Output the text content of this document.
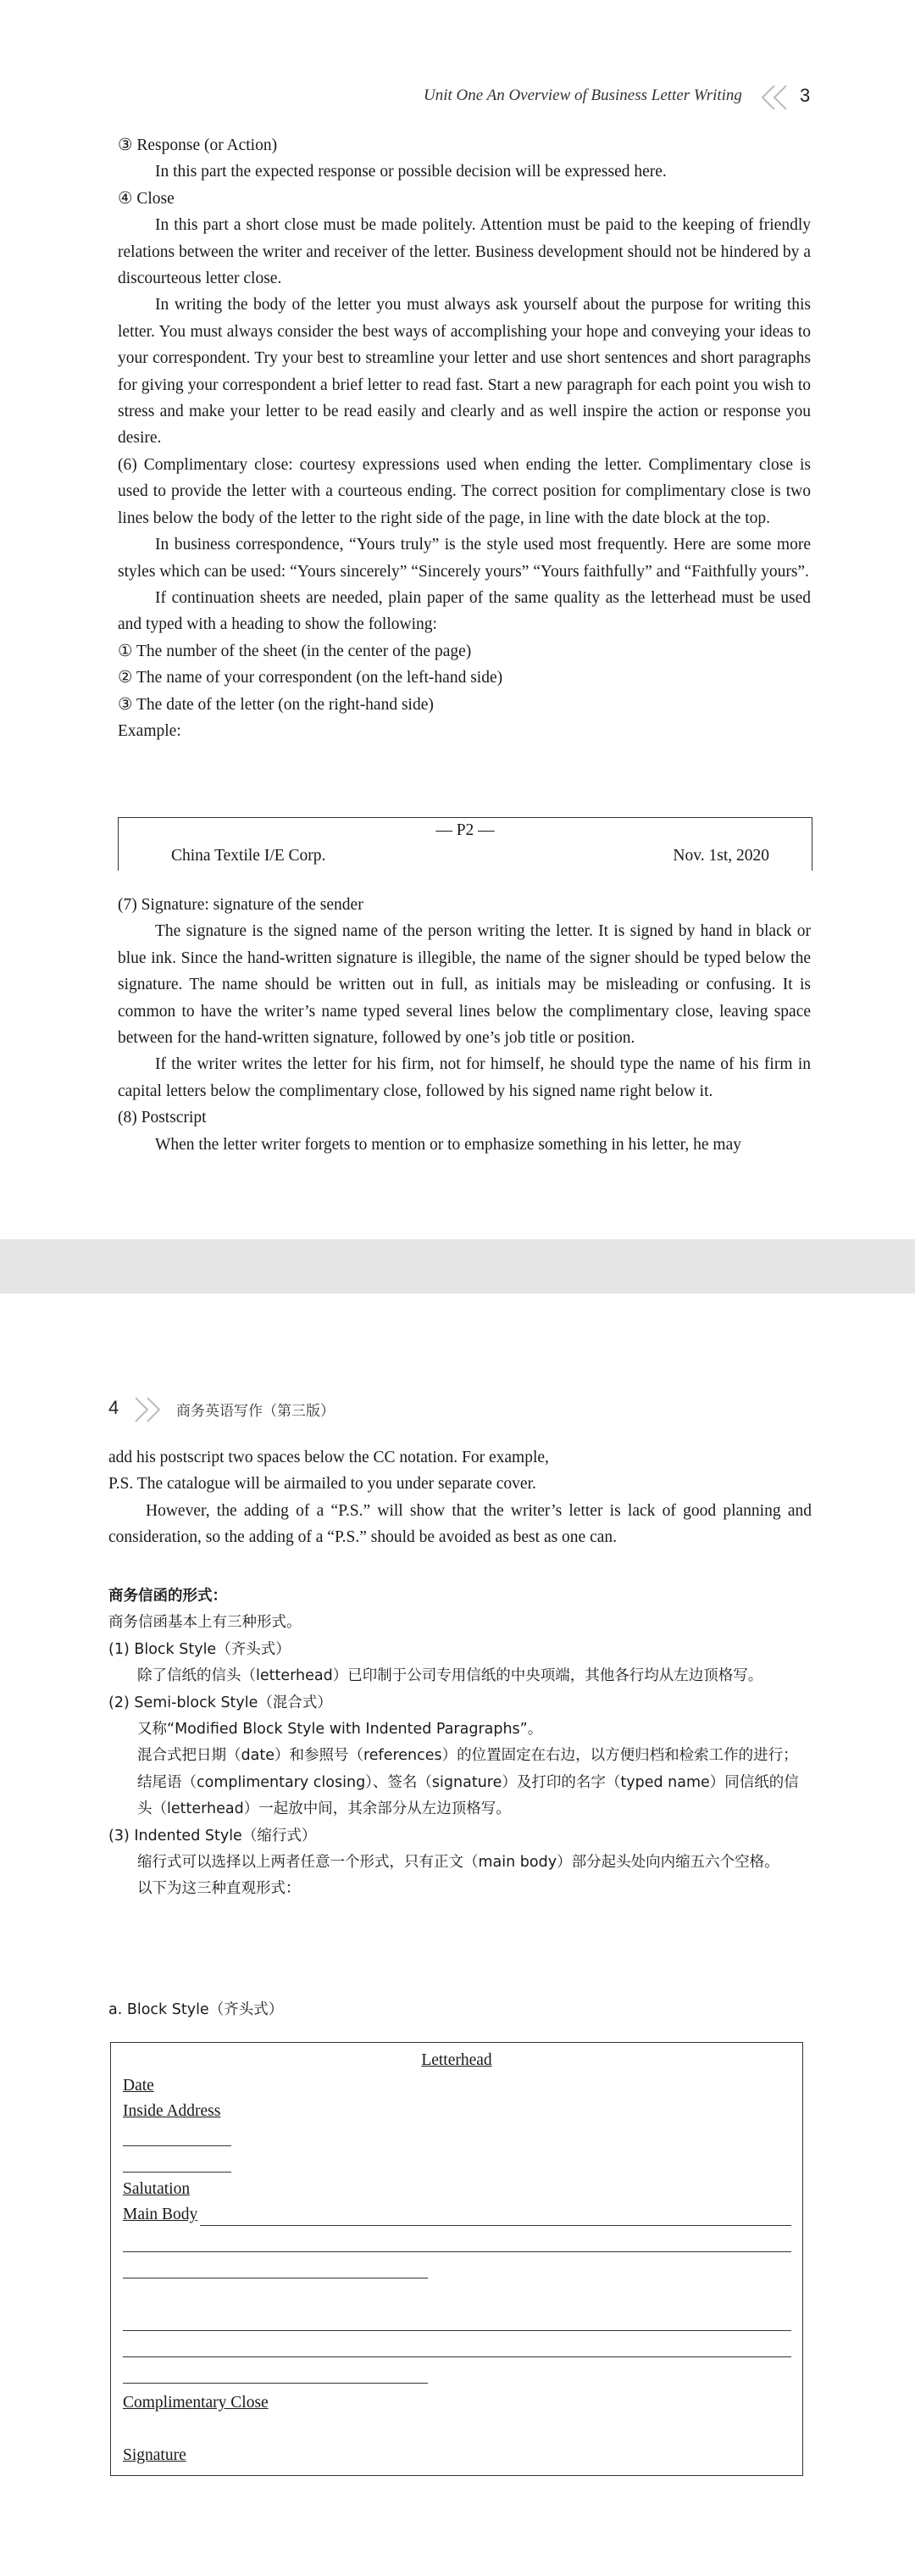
Unit One An Overview of Business Letter Writing	3

③ Response (or Action)

In this part the expected response or possible decision will be expressed here.

④ Close

In this part a short close must be made politely. Attention must be paid to the keeping of friendly relations between the writer and receiver of the letter. Business development should not be hindered by a discourteous letter close.

In writing the body of the letter you must always ask yourself about the purpose for writing this letter. You must always consider the best ways of accomplishing your hope and conveying your ideas to your correspondent. Try your best to streamline your letter and use short sentences and short paragraphs for giving your correspondent a brief letter to read fast. Start a new paragraph for each point you wish to stress and make your letter to be read easily and clearly and as well inspire the action or response you desire.

(6) Complimentary close: courtesy expressions used when ending the letter. Complimentary close is used to provide the letter with a courteous ending. The correct position for complimentary close is two lines below the body of the letter to the right side of the page, in line with the date block at the top.

In business correspondence, “Yours truly” is the style used most frequently. Here are some more styles which can be used: “Yours sincerely” “Sincerely yours” “Yours faithfully” and “Faithfully yours”.

If continuation sheets are needed, plain paper of the same quality as the letterhead must be used and typed with a heading to show the following:

① The number of the sheet (in the center of the page)

② The name of your correspondent (on the left-hand side)

③ The date of the letter (on the right-hand side)

Example:

— P2 —
China Textile I/E Corp.	Nov. 1st, 2020

(7) Signature: signature of the sender

The signature is the signed name of the person writing the letter. It is signed by hand in black or blue ink. Since the hand-written signature is illegible, the name of the signer should be typed below the signature. The name should be written out in full, as initials may be misleading or confusing. It is common to have the writer’s name typed several lines below the complimentary close, leaving space between for the hand-written signature, followed by one’s job title or position.

If the writer writes the letter for his firm, not for himself, he should type the name of his firm in capital letters below the complimentary close, followed by his signed name right below it.

(8) Postscript

When the letter writer forgets to mention or to emphasize something in his letter, he may

4	商务英语写作（第三版）

add his postscript two spaces below the CC notation. For example,

P.S. The catalogue will be airmailed to you under separate cover.

However, the adding of a “P.S.” will show that the writer’s letter is lack of good planning and consideration, so the adding of a “P.S.” should be avoided as best as one can.

商务信函的形式：

商务信函基本上有三种形式。

(1) Block Style（齐头式）

除了信纸的信头（letterhead）已印制于公司专用信纸的中央项端，其他各行均从左边顶格写。

(2) Semi-block Style（混合式）

又称“Modified Block Style with Indented Paragraphs”。

混合式把日期（date）和参照号（references）的位置固定在右边，以方便归档和检索工作的进行；结尾语（complimentary closing）、签名（signature）及打印的名字（typed name）同信纸的信头（letterhead）一起放中间，其余部分从左边顶格写。

(3) Indented Style（缩行式）

缩行式可以选择以上两者任意一个形式，只有正文（main body）部分起头处向内缩五六个空格。

以下为这三种直观形式：

a. Block Style（齐头式）
Letterhead
Date
Inside Address
Salutation
Main Body
Complimentary Close
Signature
